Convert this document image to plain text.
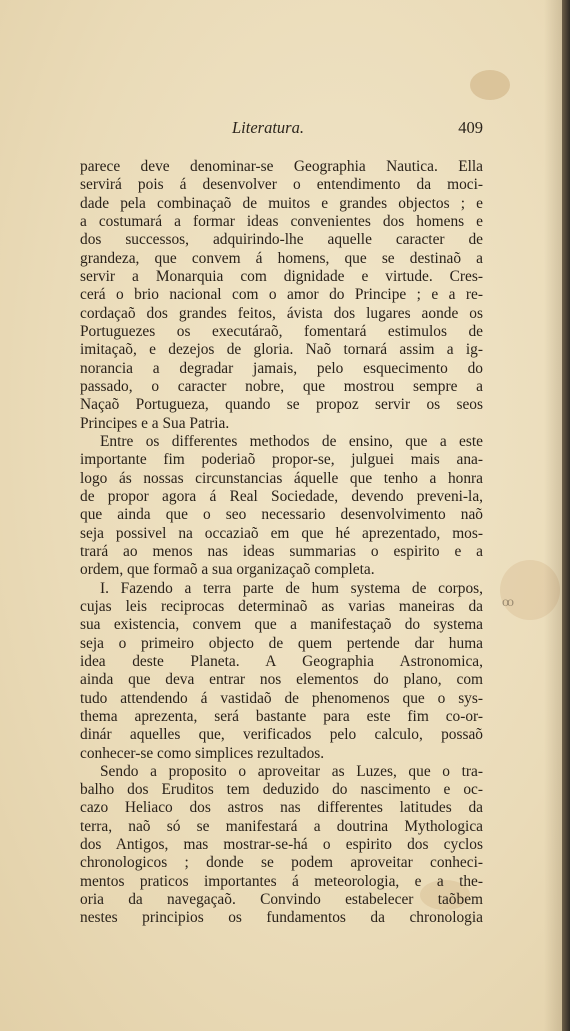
Literatura.	409
parece deve denominar-se Geographia Nautica. Ella
servirá pois á desenvolver o entendimento da moci-
dade pela combinaçaõ de muitos e grandes objectos ; e
a costumará a formar ideas convenientes dos homens e
dos successos, adquirindo-lhe aquelle caracter de
grandeza, que convem á homens, que se destinaõ a
servir a Monarquia com dignidade e virtude. Cres-
cerá o brio nacional com o amor do Principe ; e a re-
cordaçaõ dos grandes feitos, ávista dos lugares aonde os
Portuguezes os executáraõ, fomentará estimulos de
imitaçaõ, e dezejos de gloria. Naõ tornará assim a ig-
norancia a degradar jamais, pelo esquecimento do
passado, o caracter nobre, que mostrou sempre a
Naçaõ Portugueza, quando se propoz servir os seos
Principes e a Sua Patria.
Entre os differentes methodos de ensino, que a este
importante fim poderiaõ propor-se, julguei mais ana-
logo ás nossas circunstancias áquelle que tenho a honra
de propor agora á Real Sociedade, devendo preveni-la,
que ainda que o seo necessario desenvolvimento naõ
seja possivel na occaziaõ em que hé aprezentado, mos-
trará ao menos nas ideas summarias o espirito e a
ordem, que formaõ a sua organizaçaõ completa.
I. Fazendo a terra parte de hum systema de corpos,
cujas leis reciprocas determinaõ as varias maneiras da
sua existencia, convem que a manifestaçaõ do systema
seja o primeiro objecto de quem pertende dar huma
idea deste Planeta. A Geographia Astronomica,
ainda que deva entrar nos elementos do plano, com
tudo attendendo á vastidaõ de phenomenos que o sys-
thema aprezenta, será bastante para este fim co-or-
dinár aquelles que, verificados pelo calculo, possaõ
conhecer-se como simplices rezultados.
Sendo a proposito o aproveitar as Luzes, que o tra-
balho dos Eruditos tem deduzido do nascimento e oc-
cazo Heliaco dos astros nas differentes latitudes da
terra, naõ só se manifestará a doutrina Mythologica
dos Antigos, mas mostrar-se-há o espirito dos cyclos
chronologicos ; donde se podem aproveitar conheci-
mentos praticos importantes á meteorologia, e a the-
oria da navegaçaõ. Convindo estabelecer taõbem
nestes principios os fundamentos da chronologia
oo
